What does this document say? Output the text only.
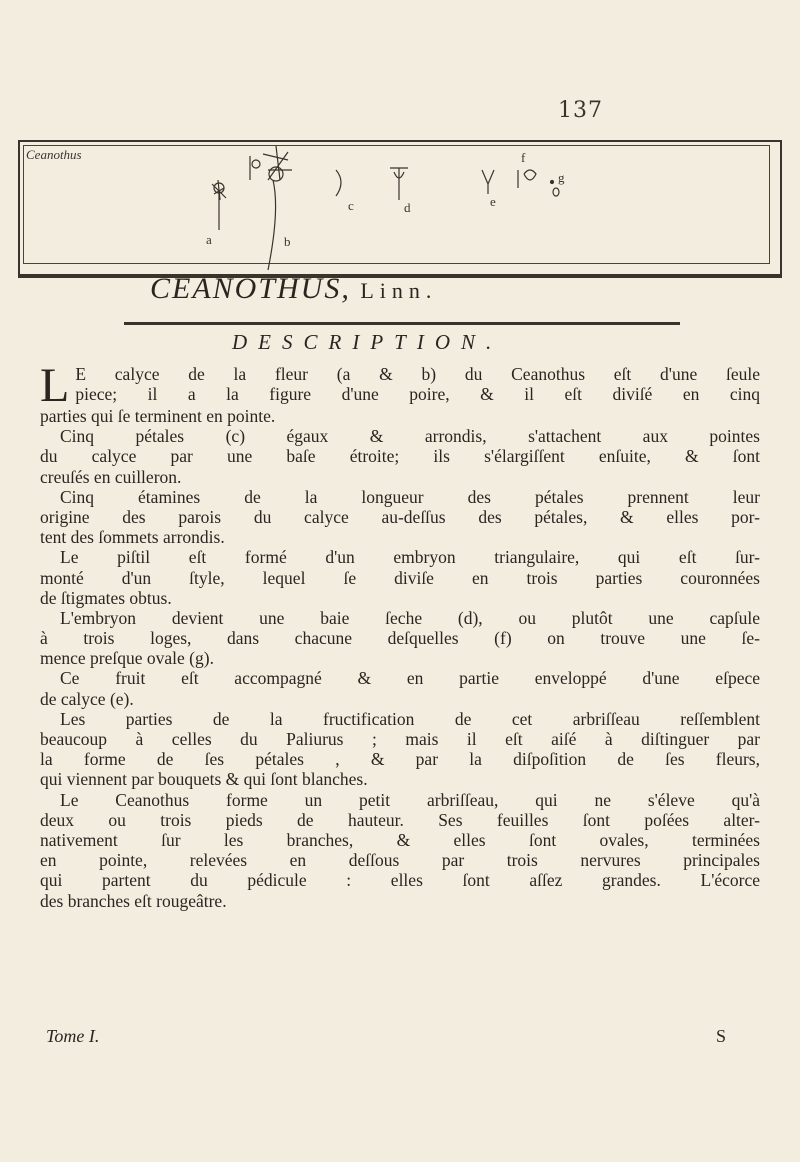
137
Ceanothus
a	b
c	d	e
f
g
CEANOTHUS, Linn.
DESCRIPTION.
L E calyce de la fleur (a & b) du Ceanothus eſt d'une ſeule
piece; il a la figure d'une poire, & il eſt diviſé en cinq
parties qui ſe terminent en pointe.
Cinq pétales (c) égaux & arrondis, s'attachent aux pointes
du calyce par une baſe étroite; ils s'élargiſſent enſuite, & ſont
creuſés en cuilleron.
Cinq étamines de la longueur des pétales prennent leur
origine des parois du calyce au-deſſus des pétales, & elles por-
tent des ſommets arrondis.
Le piſtil eſt formé d'un embryon triangulaire, qui eſt ſur-
monté d'un ſtyle, lequel ſe diviſe en trois parties couronnées
de ſtigmates obtus.
L'embryon devient une baie ſeche (d), ou plutôt une capſule
à trois loges, dans chacune deſquelles (f) on trouve une ſe-
mence preſque ovale (g).
Ce fruit eſt accompagné & en partie enveloppé d'une eſpece
de calyce (e).
Les parties de la fructification de cet arbriſſeau reſſemblent
beaucoup à celles du Paliurus ; mais il eſt aiſé à diſtinguer par
la forme de ſes pétales , & par la diſpoſition de ſes fleurs,
qui viennent par bouquets & qui ſont blanches.
Le Ceanothus forme un petit arbriſſeau, qui ne s'éleve qu'à
deux ou trois pieds de hauteur. Ses feuilles ſont poſées alter-
nativement ſur les branches, & elles ſont ovales, terminées
en pointe, relevées en deſſous par trois nervures principales
qui partent du pédicule : elles ſont aſſez grandes. L'écorce
des branches eſt rougeâtre.
Tome I.	S
